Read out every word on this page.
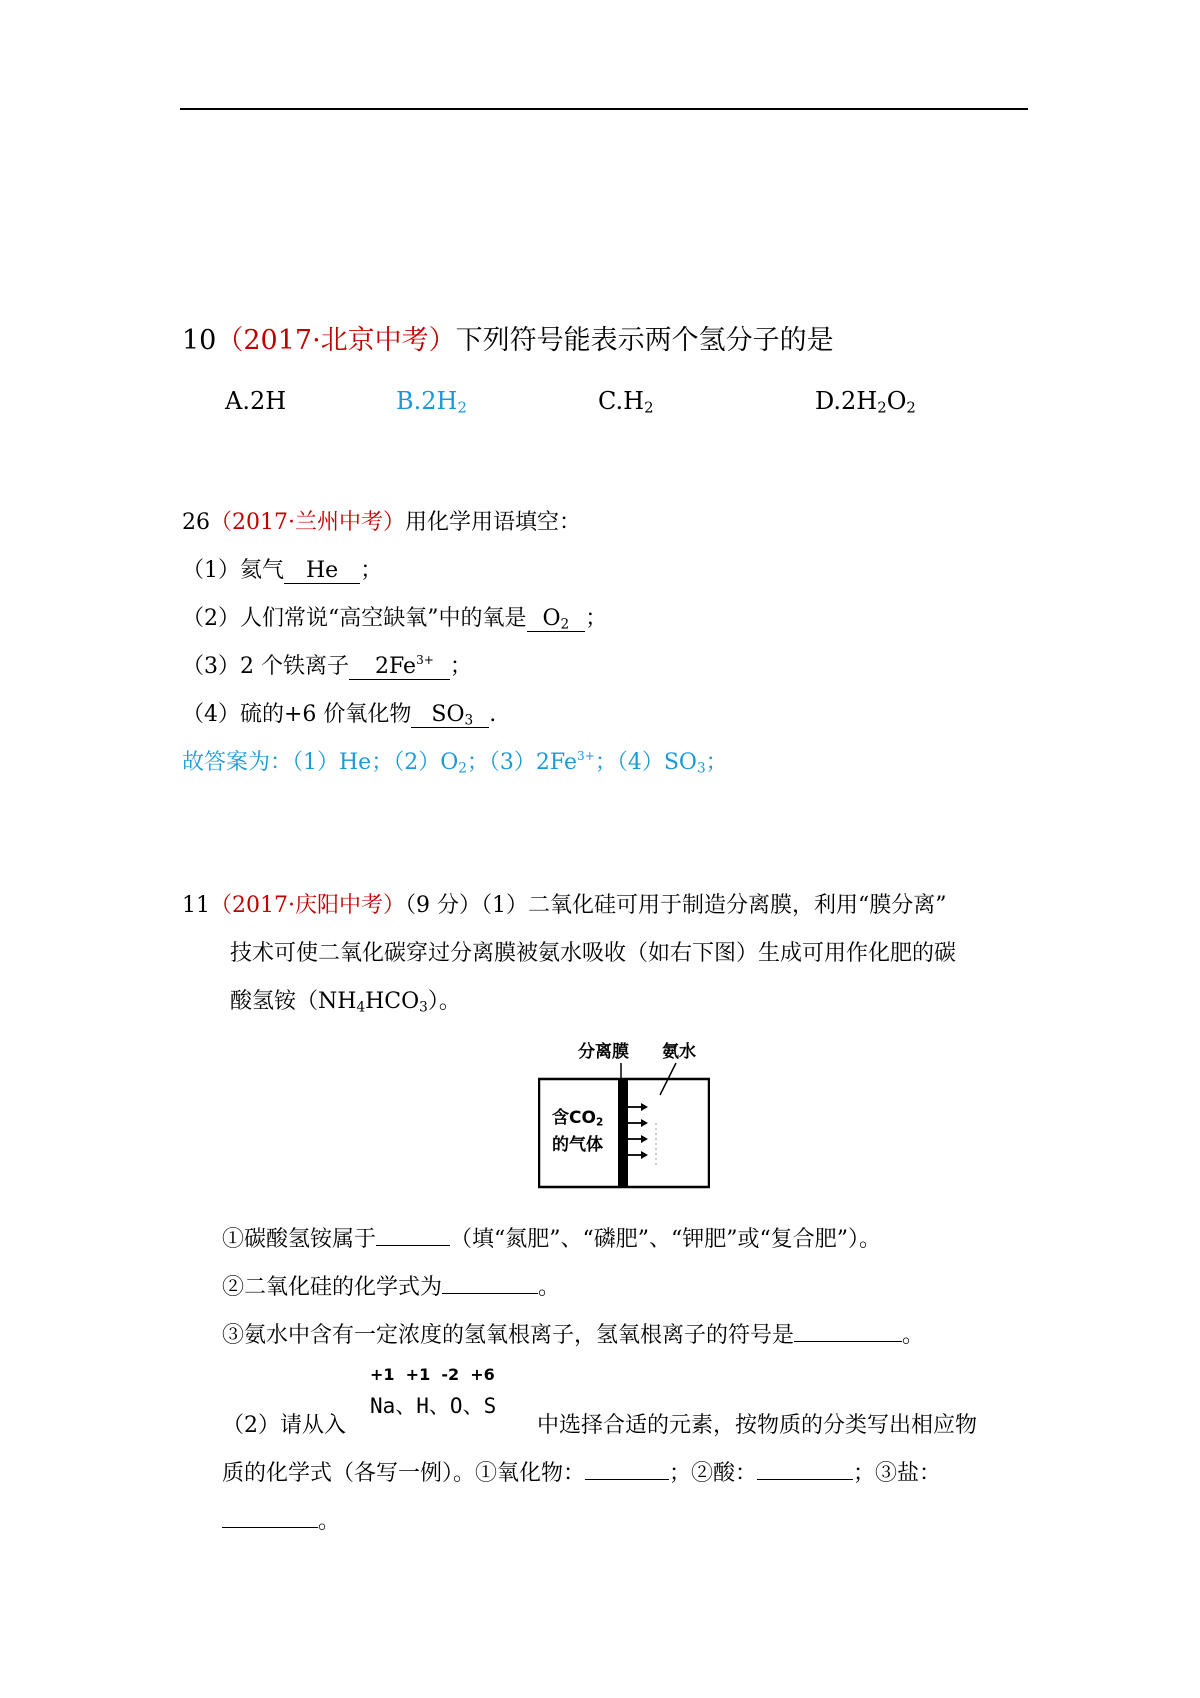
10（2017·北京中考）下列符号能表示两个氢分子的是
A.2H	$B.2H_2$	$C.H_2$	$D.2H_2O_2$
26（2017·兰州中考）用化学用语填空：
（1）氦气 He ；
（2）人们常说“高空缺氧”中的氧是 $O_2$ ；
（3）2 个铁离子 $2Fe^{3+}$ ；
（4）硫的+6 价氧化物 $SO_3$ .
故答案为：（1）He；$(2)O_2$；$(3)2Fe^{3+}$；$(4)SO_3$；
11（2017·庆阳中考）（9 分）（1）二氧化硅可用于制造分离膜，利用“膜分离”
技术可使二氧化碳穿过分离膜被氨水吸收（如右下图）生成可用作化肥的碳
酸氢铵$(NH_4HCO_3)$。
分离膜 氨水
含$CO_2$
的气体
①碳酸氢铵属于	（填“氮肥”、“磷肥”、“钾肥”或“复合肥”）。
②二氧化硅的化学式为	。
③氨水中含有一定浓度的氢氧根离子，氢氧根离子的符号是	。
（2）请从入
+1  +1  -2  +6
Na、H、O、S
中选择合适的元素，按物质的分类写出相应物
质的化学式（各写一例）。①氧化物：	；②酸：	；③盐：
。
